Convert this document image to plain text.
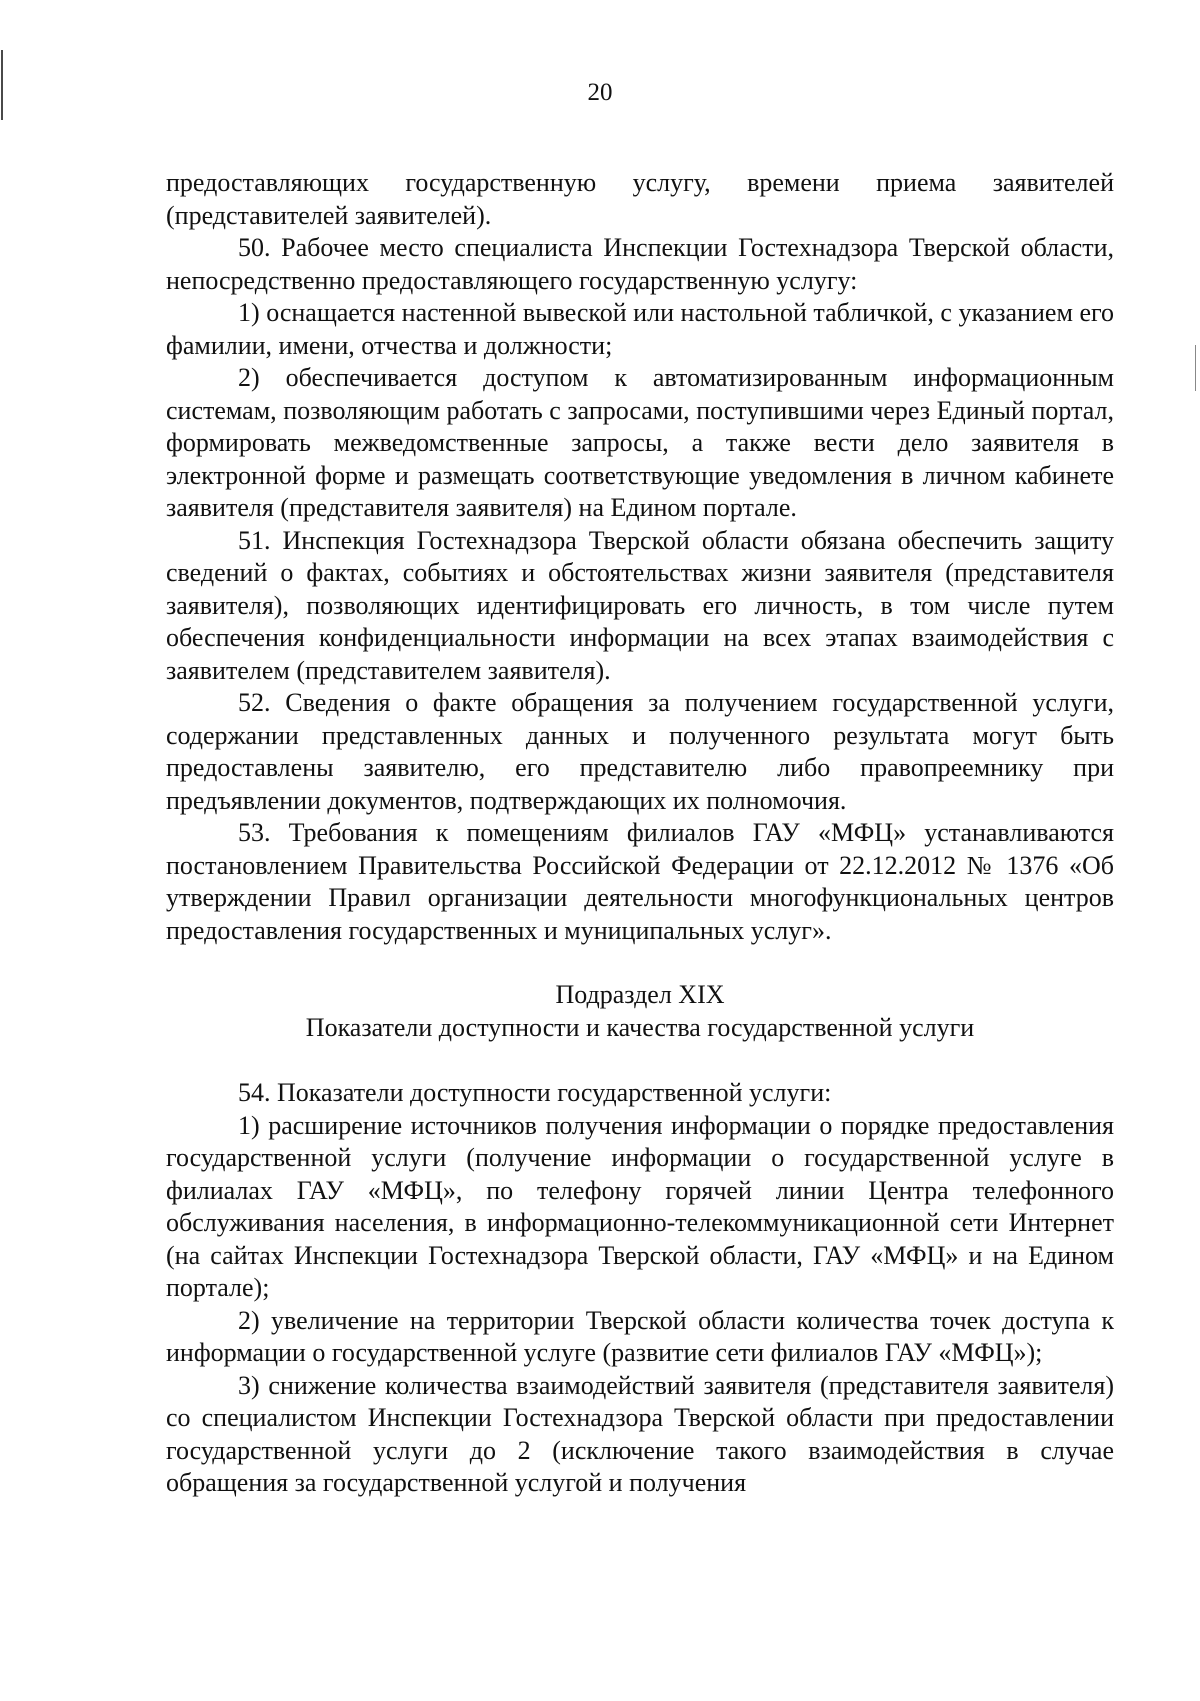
20

предоставляющих государственную услугу, времени приема заявителей (представителей заявителей).

50. Рабочее место специалиста Инспекции Гостехнадзора Тверской области, непосредственно предоставляющего государственную услугу:

1) оснащается настенной вывеской или настольной табличкой, с указанием его фамилии, имени, отчества и должности;

2) обеспечивается доступом к автоматизированным информационным системам, позволяющим работать с запросами, поступившими через Единый портал, формировать межведомственные запросы, а также вести дело заявителя в электронной форме и размещать соответствующие уведомления в личном кабинете заявителя (представителя заявителя) на Едином портале.

51. Инспекция Гостехнадзора Тверской области обязана обеспечить защиту сведений о фактах, событиях и обстоятельствах жизни заявителя (представителя заявителя), позволяющих идентифицировать его личность, в том числе путем обеспечения конфиденциальности информации на всех этапах взаимодействия с заявителем (представителем заявителя).

52. Сведения о факте обращения за получением государственной услуги, содержании представленных данных и полученного результата могут быть предоставлены заявителю, его представителю либо правопреемнику при предъявлении документов, подтверждающих их полномочия.

53. Требования к помещениям филиалов ГАУ «МФЦ» устанавливаются постановлением Правительства Российской Федерации от 22.12.2012 № 1376 «Об утверждении Правил организации деятельности многофункциональных центров предоставления государственных и муниципальных услуг».

Подраздел XIX

Показатели доступности и качества государственной услуги

54. Показатели доступности государственной услуги:

1) расширение источников получения информации о порядке предоставления государственной услуги (получение информации о государственной услуге в филиалах ГАУ «МФЦ», по телефону горячей линии Центра телефонного обслуживания населения, в информационно-телекоммуникационной сети Интернет (на сайтах Инспекции Гостехнадзора Тверской области, ГАУ «МФЦ» и на Едином портале);

2) увеличение на территории Тверской области количества точек доступа к информации о государственной услуге (развитие сети филиалов ГАУ «МФЦ»);

3) снижение количества взаимодействий заявителя (представителя заявителя) со специалистом Инспекции Гостехнадзора Тверской области при предоставлении государственной услуги до 2 (исключение такого взаимодействия в случае обращения за государственной услугой и получения
